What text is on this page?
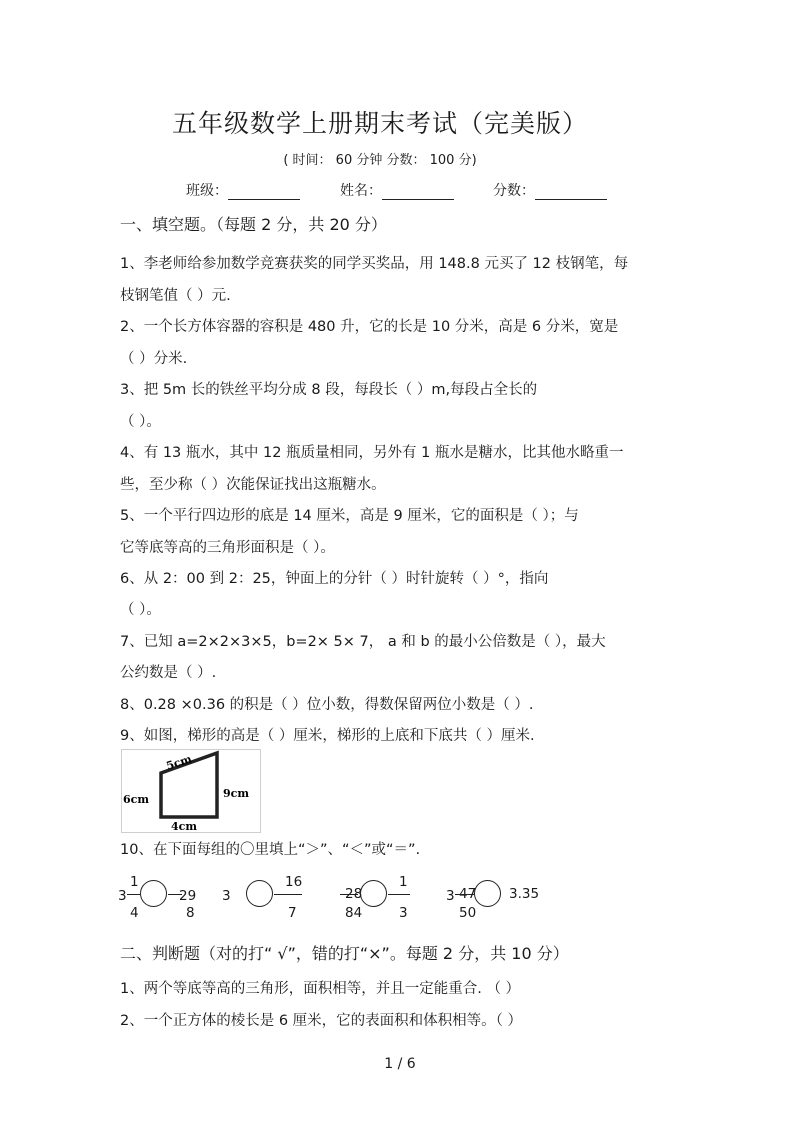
五年级数学上册期末考试（完美版）
( 时间： 60 分钟 分数： 100 分)
班级：	姓名：	分数：
一、填空题。（每题 2 分，共 20 分）
1、李老师给参加数学竞赛获奖的同学买奖品，用 148.8 元买了 12 枝钢笔，每
枝钢笔值（ ）元.
2、一个长方体容器的容积是 480 升，它的长是 10 分米，高是 6 分米，宽是
（ ）分米.
3、把 5m 长的铁丝平均分成 8 段，每段长（ ）m,每段占全长的
（ ）。
4、有 13 瓶水，其中 12 瓶质量相同，另外有 1 瓶水是糖水，比其他水略重一
些，至少称（ ）次能保证找出这瓶糖水。
5、一个平行四边形的底是 14 厘米，高是 9 厘米，它的面积是（ ）；与
它等底等高的三角形面积是（ ）。
6、从 2：00 到 2：25，钟面上的分针（ ）时针旋转（ ）°，指向
（ ）。
7、已知 a=2×2×3×5，b=2× 5× 7， a 和 b 的最小公倍数是（ ），最大
公约数是（ ）.
8、0.28 ×0.36 的积是（ ）位小数，得数保留两位小数是（ ）.
9、如图，梯形的高是（ ）厘米，梯形的上底和下底共（ ）厘米.
5cm
6cm	9cm
4cm
10、在下面每组的〇里填上“＞”、“＜”或“＝”.
3
1
4
29
8
3
16
7
28
84
1
3
3 47
50
3.35
二、判断题（对的打“ √”，错的打“×”。每题 2 分，共 10 分）
1、两个等底等高的三角形，面积相等，并且一定能重合. （ ）
2、一个正方体的棱长是 6 厘米，它的表面积和体积相等。（ ）
1 / 6
